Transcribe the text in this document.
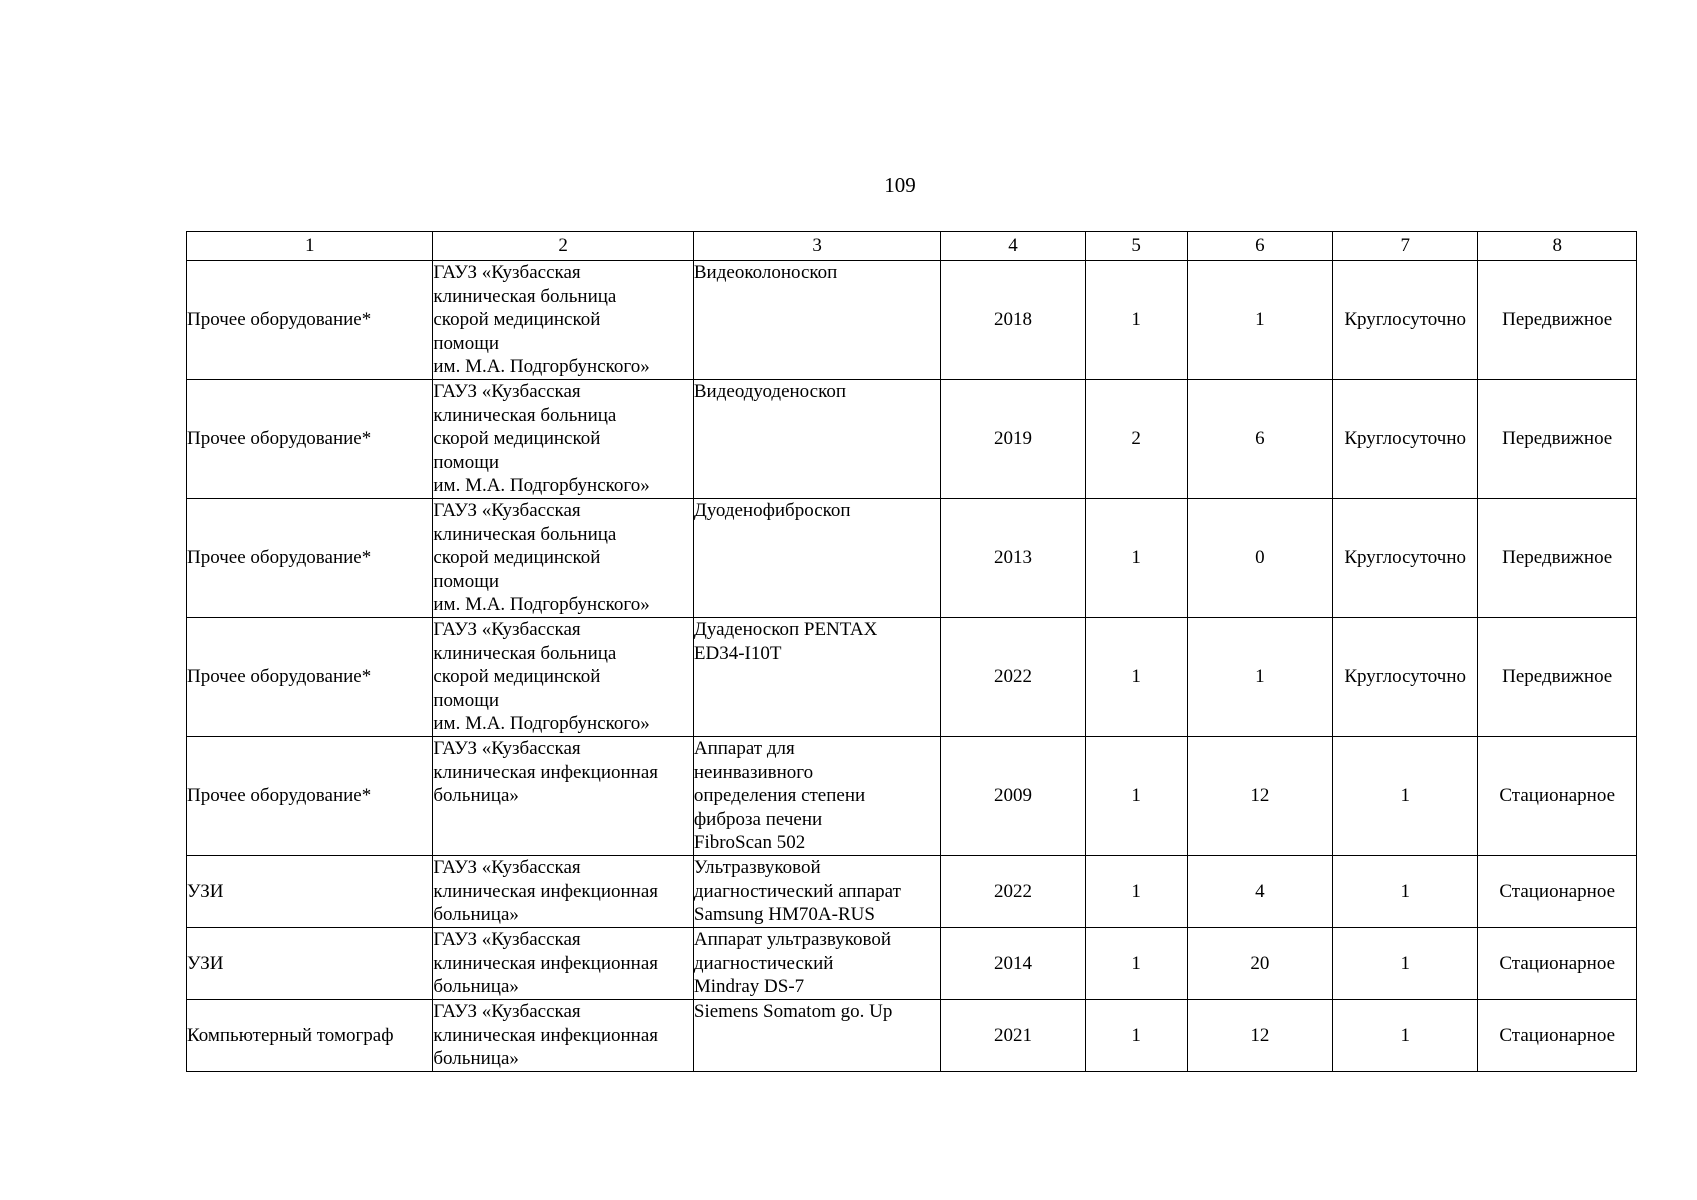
109
1	2	3	4	5	6	7	8
Прочее оборудование*	ГАУЗ «Кузбасская
клиническая больница
скорой медицинской
помощи
им. М.А. Подгорбунского»	Видеоколоноскоп	2018	1	1	Круглосуточно	Передвижное
Прочее оборудование*	ГАУЗ «Кузбасская
клиническая больница
скорой медицинской
помощи
им. М.А. Подгорбунского»	Видеодуоденоскоп	2019	2	6	Круглосуточно	Передвижное
Прочее оборудование*	ГАУЗ «Кузбасская
клиническая больница
скорой медицинской
помощи
им. М.А. Подгорбунского»	Дуоденофиброскоп	2013	1	0	Круглосуточно	Передвижное
Прочее оборудование*	ГАУЗ «Кузбасская
клиническая больница
скорой медицинской
помощи
им. М.А. Подгорбунского»	Дуаденоскоп PENTAX
ED34-I10T	2022	1	1	Круглосуточно	Передвижное
Прочее оборудование*	ГАУЗ «Кузбасская
клиническая инфекционная
больница»	Аппарат для
неинвазивного
определения степени
фиброза печени
FibroScan 502	2009	1	12	1	Стационарное
УЗИ	ГАУЗ «Кузбасская
клиническая инфекционная
больница»	Ультразвуковой
диагностический аппарат
Samsung HM70A-RUS	2022	1	4	1	Стационарное
УЗИ	ГАУЗ «Кузбасская
клиническая инфекционная
больница»	Аппарат ультразвуковой
диагностический
Mindray DS-7	2014	1	20	1	Стационарное
Компьютерный томограф	ГАУЗ «Кузбасская
клиническая инфекционная
больница»	Siemens Somatom go. Up	2021	1	12	1	Стационарное
